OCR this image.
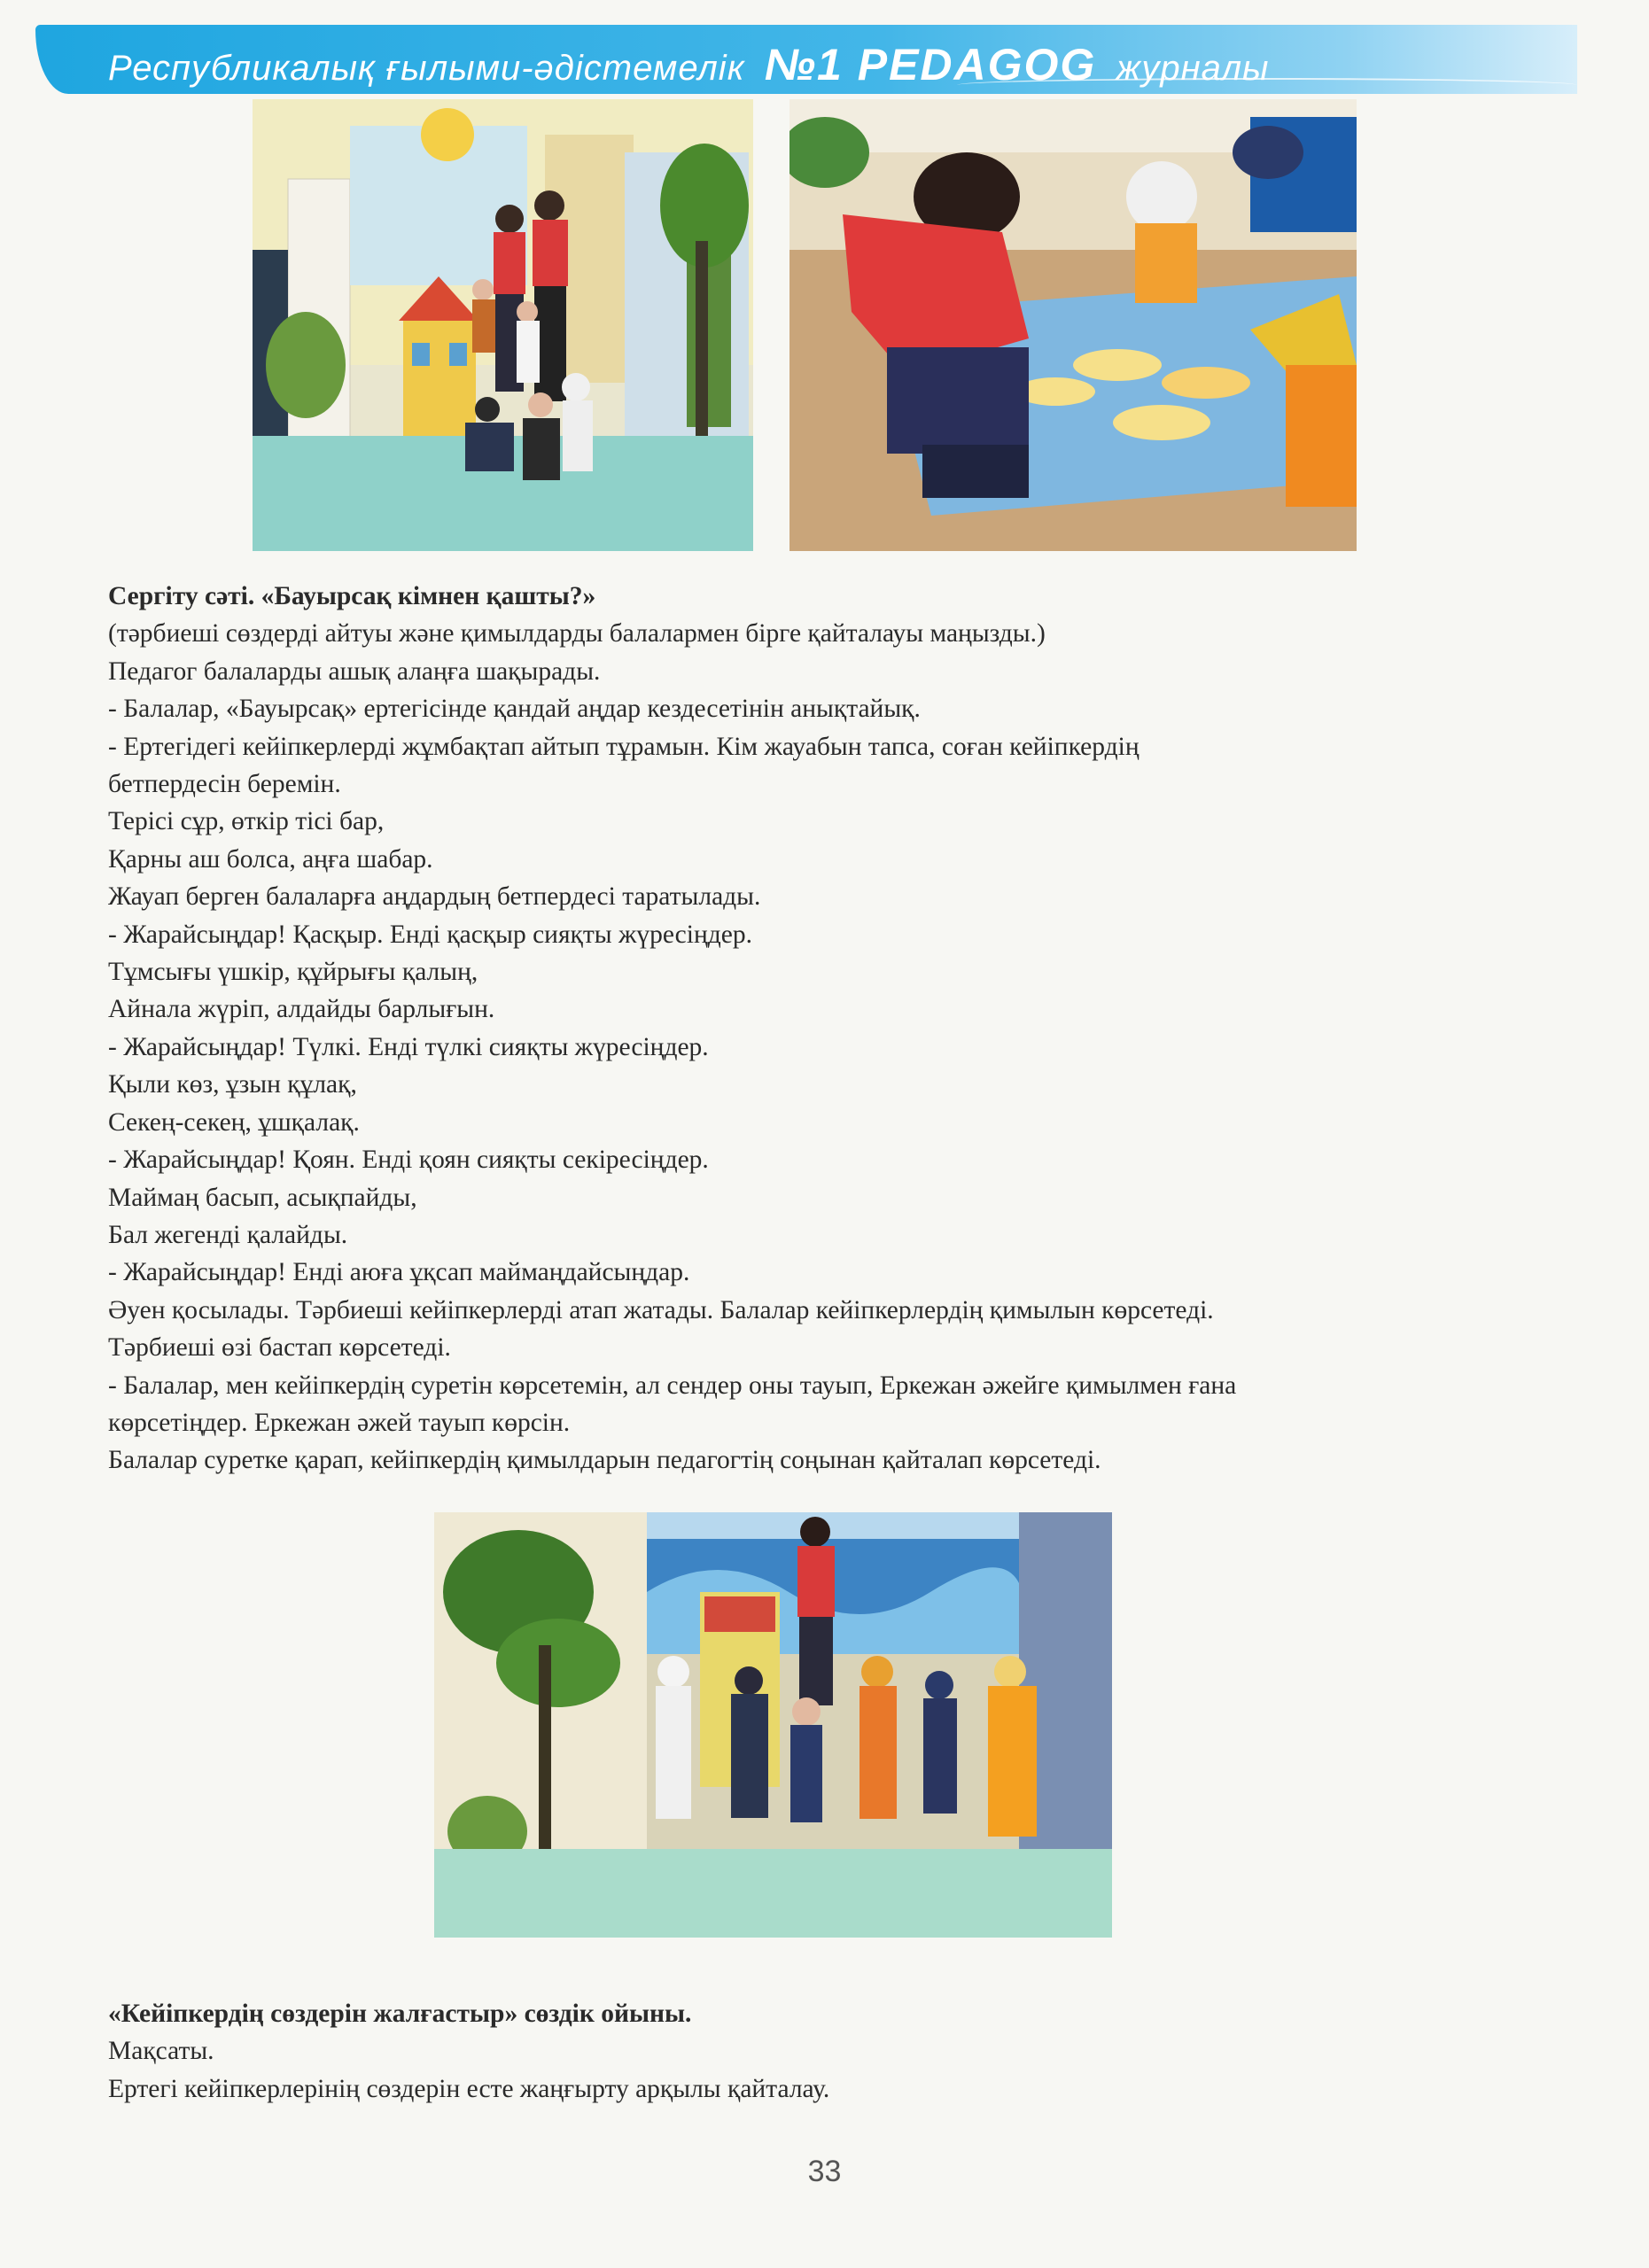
Республикалық ғылыми-әдістемелік №1 PEDAGOG журналы

Сергіту сәті. «Бауырсақ кімнен қашты?»

(тәрбиеші сөздерді айтуы және қимылдарды балалармен бірге қайталауы маңызды.)

Педагог балаларды ашық алаңға шақырады.

- Балалар, «Бауырсақ» ертегісінде қандай аңдар кездесетінін анықтайық.

- Ертегідегі кейіпкерлерді жұмбақтап айтып тұрамын. Кім жауабын тапса, соған кейіпкердің

бетпердесін беремін.

Терісі сұр, өткір тісі бар,

Қарны аш болса, аңға шабар.

Жауап берген балаларға аңдардың бетпердесі таратылады.

- Жарайсыңдар! Қасқыр. Енді қасқыр сияқты жүресіңдер.

Тұмсығы үшкір, құйрығы қалың,

Айнала жүріп, алдайды барлығын.

- Жарайсыңдар! Түлкі. Енді түлкі сияқты жүресіңдер.

Қыли көз, ұзын құлақ,

Секең-секең, ұшқалақ.

- Жарайсыңдар! Қоян. Енді қоян сияқты секіресіңдер.

Маймаң басып, асықпайды,

Бал жегенді қалайды.

- Жарайсыңдар! Енді аюға ұқсап маймаңдайсыңдар.

Әуен қосылады. Тәрбиеші кейіпкерлерді атап жатады. Балалар кейіпкерлердің қимылын көрсетеді.

Тәрбиеші өзі бастап көрсетеді.

- Балалар, мен кейіпкердің суретін көрсетемін, ал сендер оны тауып, Еркежан әжейге қимылмен ғана

көрсетіңдер. Еркежан әжей тауып көрсін.

Балалар суретке қарап, кейіпкердің қимылдарын педагогтің соңынан қайталап көрсетеді.

«Кейіпкердің сөздерін жалғастыр» сөздік ойыны.

Мақсаты.

Ертегі кейіпкерлерінің сөздерін есте жаңғырту арқылы қайталау.

33
